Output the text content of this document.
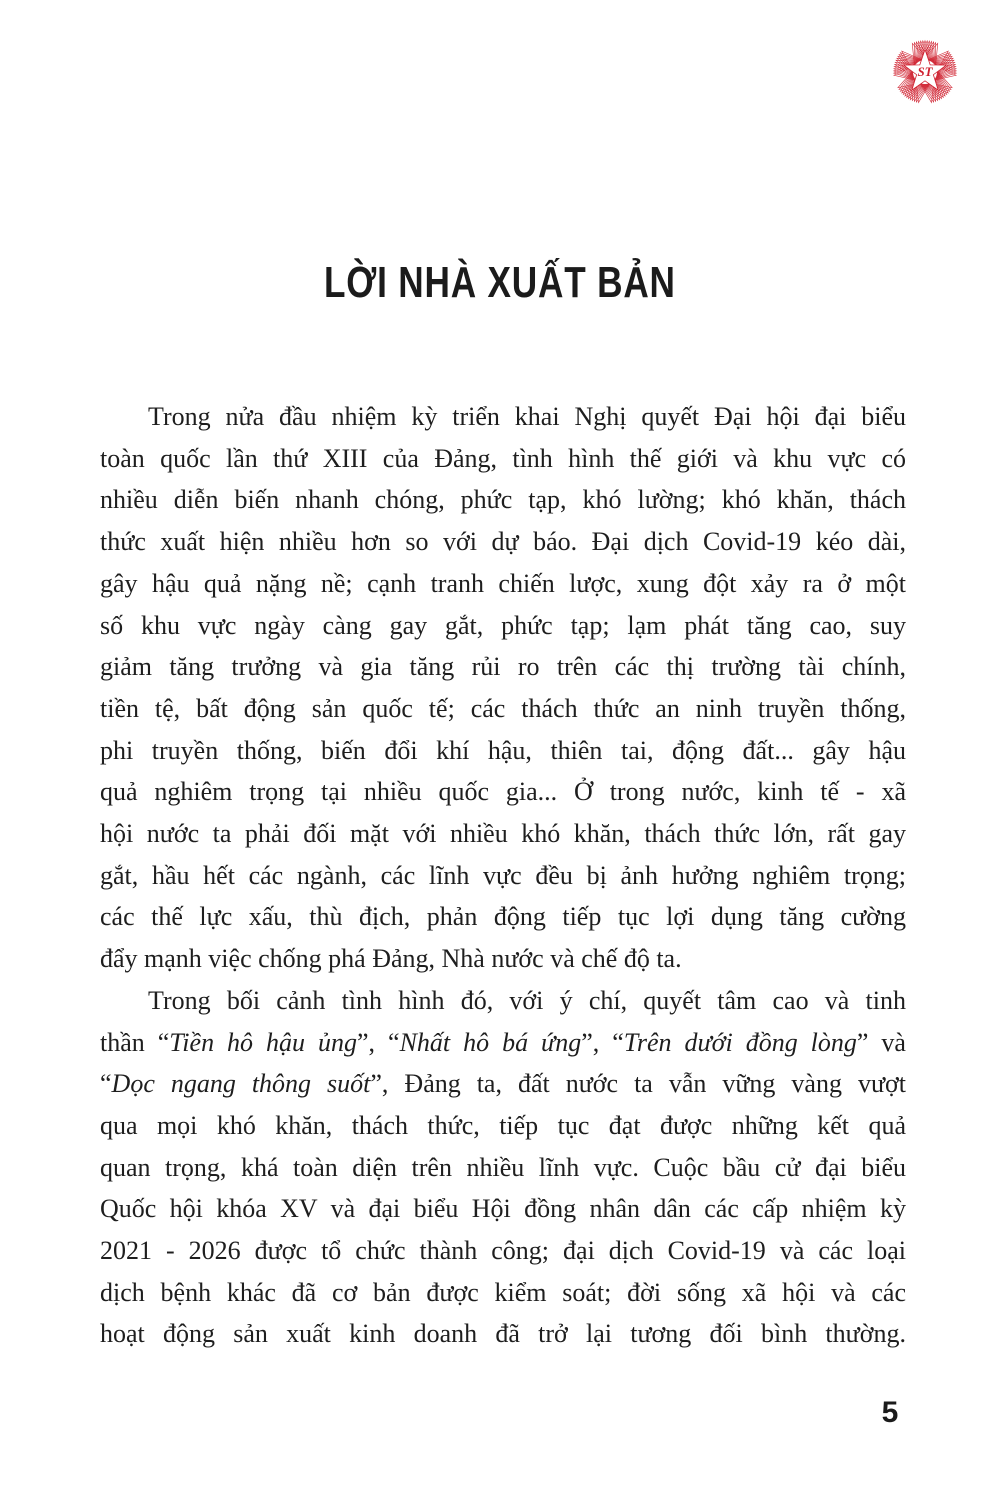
ST
LỜI NHÀ XUẤT BẢN
Trong nửa đầu nhiệm kỳ triển khai Nghị quyết Đại hội đại biểu
toàn quốc lần thứ XIII của Đảng, tình hình thế giới và khu vực có
nhiều diễn biến nhanh chóng, phức tạp, khó lường; khó khăn, thách
thức xuất hiện nhiều hơn so với dự báo. Đại dịch Covid-19 kéo dài,
gây hậu quả nặng nề; cạnh tranh chiến lược, xung đột xảy ra ở một
số khu vực ngày càng gay gắt, phức tạp; lạm phát tăng cao, suy
giảm tăng trưởng và gia tăng rủi ro trên các thị trường tài chính,
tiền tệ, bất động sản quốc tế; các thách thức an ninh truyền thống,
phi truyền thống, biến đổi khí hậu, thiên tai, động đất... gây hậu
quả nghiêm trọng tại nhiều quốc gia... Ở trong nước, kinh tế - xã
hội nước ta phải đối mặt với nhiều khó khăn, thách thức lớn, rất gay
gắt, hầu hết các ngành, các lĩnh vực đều bị ảnh hưởng nghiêm trọng;
các thế lực xấu, thù địch, phản động tiếp tục lợi dụng tăng cường
đẩy mạnh việc chống phá Đảng, Nhà nước và chế độ ta.
Trong bối cảnh tình hình đó, với ý chí, quyết tâm cao và tinh
thần “Tiền hô hậu ủng”, “Nhất hô bá ứng”, “Trên dưới đồng lòng” và
“Dọc ngang thông suốt”, Đảng ta, đất nước ta vẫn vững vàng vượt
qua mọi khó khăn, thách thức, tiếp tục đạt được những kết quả
quan trọng, khá toàn diện trên nhiều lĩnh vực. Cuộc bầu cử đại biểu
Quốc hội khóa XV và đại biểu Hội đồng nhân dân các cấp nhiệm kỳ
2021 - 2026 được tổ chức thành công; đại dịch Covid-19 và các loại
dịch bệnh khác đã cơ bản được kiểm soát; đời sống xã hội và các
hoạt động sản xuất kinh doanh đã trở lại tương đối bình thường.
5
